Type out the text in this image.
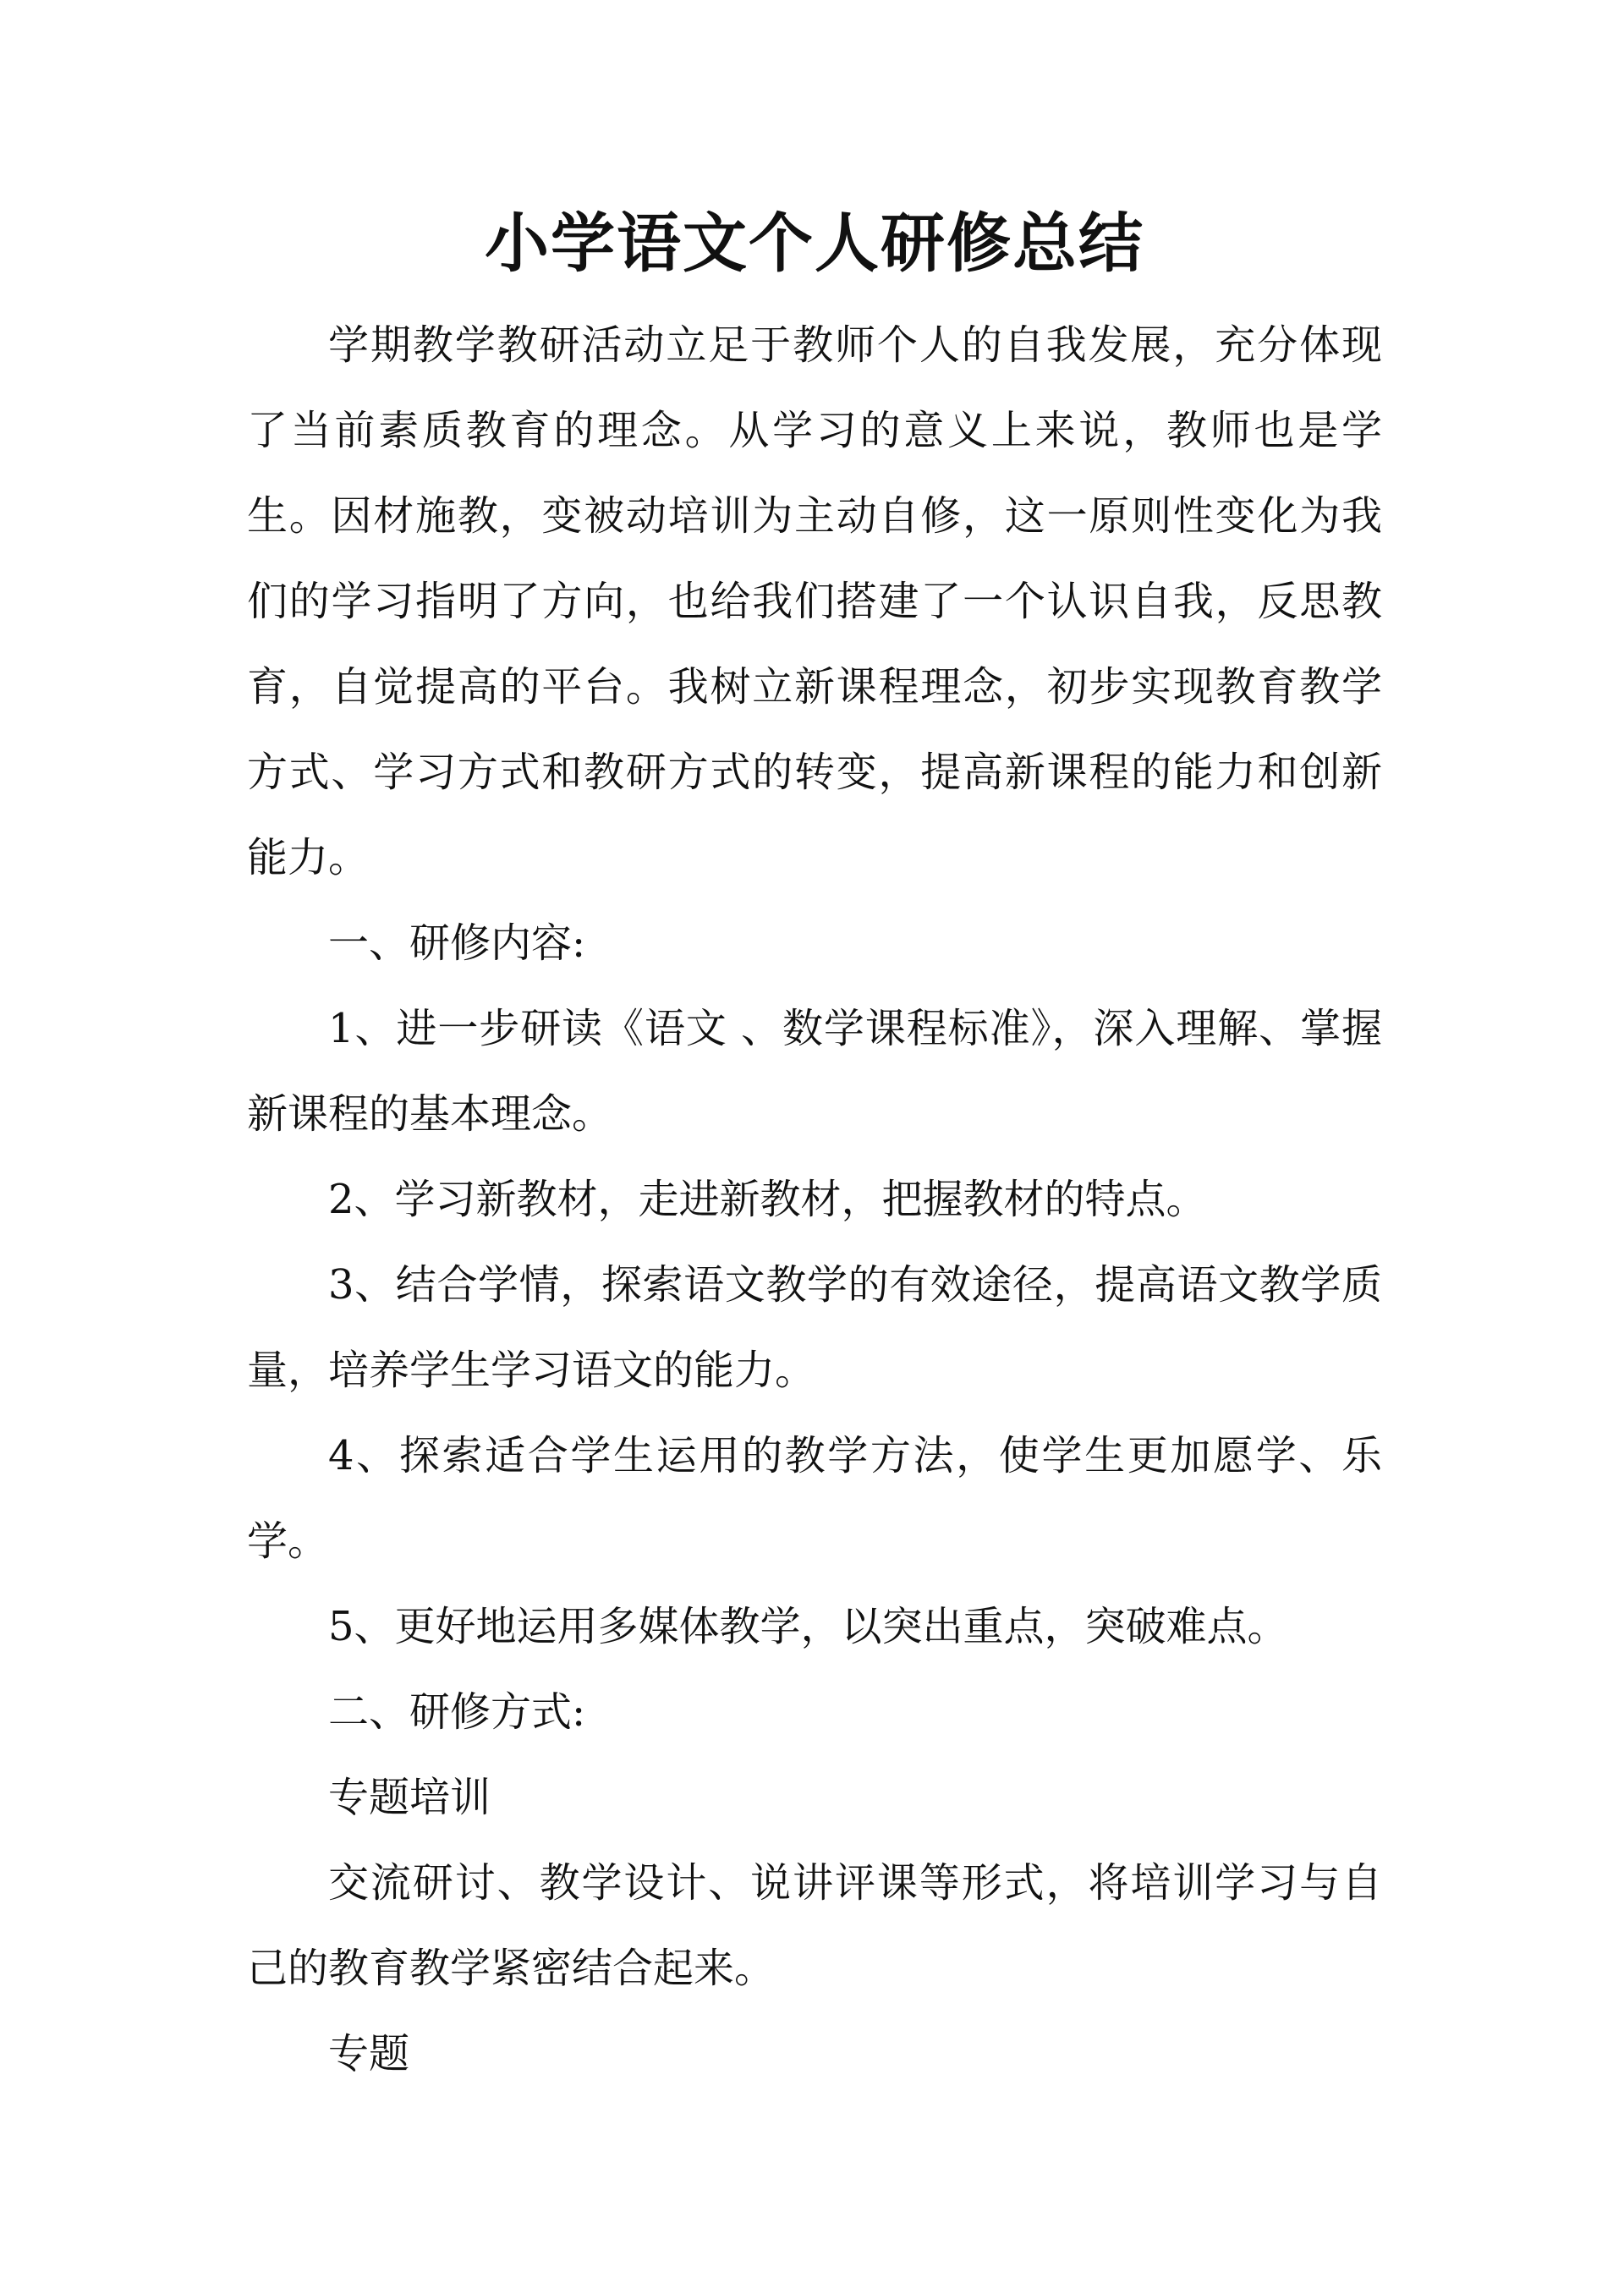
小学语文个人研修总结

学期教学教研活动立足于教师个人的自我发展，充分体现了当前素质教育的理念。从学习的意义上来说，教师也是学生。因材施教，变被动培训为主动自修，这一原则性变化为我们的学习指明了方向，也给我们搭建了一个认识自我，反思教育，自觉提高的平台。我树立新课程理念，初步实现教育教学方式、学习方式和教研方式的转变，提高新课程的能力和创新能力。

一、研修内容:

1、进一步研读《语文 、数学课程标准》，深入理解、掌握新课程的基本理念。

2、学习新教材，走进新教材，把握教材的特点。

3、结合学情，探索语文教学的有效途径，提高语文教学质量，培养学生学习语文的能力。

4、探索适合学生运用的教学方法，使学生更加愿学、乐学。

5、更好地运用多媒体教学，以突出重点，突破难点。

二、研修方式:

专题培训

交流研讨、教学设计、说讲评课等形式，将培训学习与自己的教育教学紧密结合起来。

专题
